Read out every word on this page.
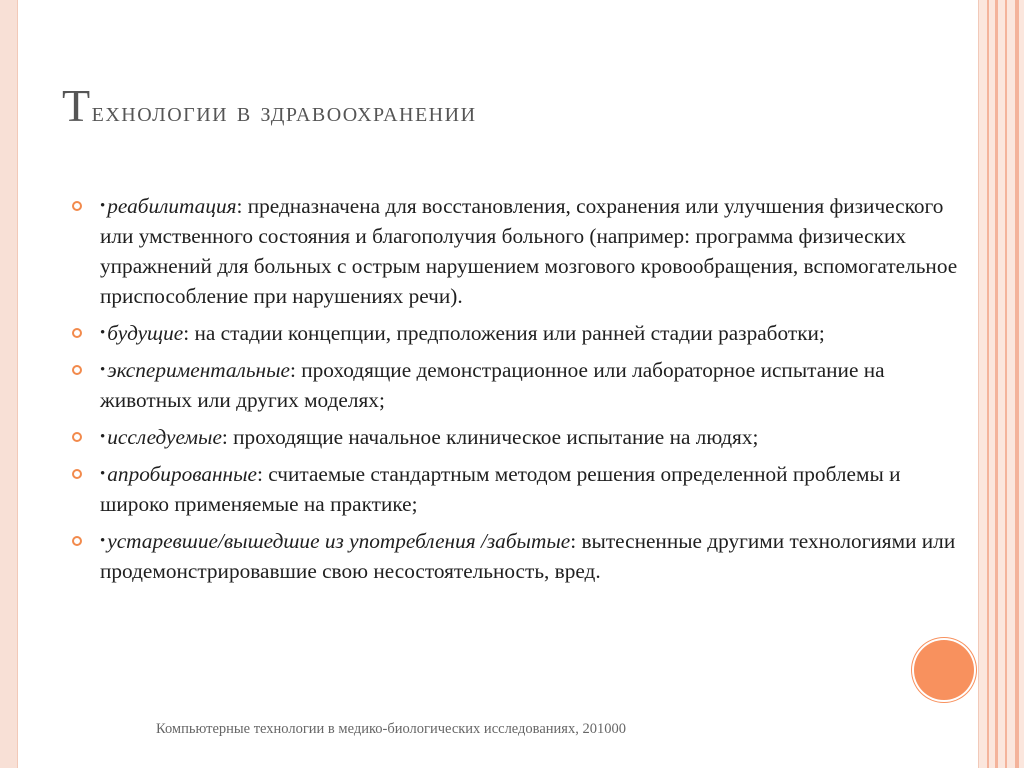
Технологии в здравоохранении
•реабилитация: предназначена для восстановления, сохранения или улучшения физического или умственного состояния и благополучия больного (например: программа физических упражнений для больных с острым нарушением мозгового кровообращения, вспомогательное приспособление при нарушениях речи).
•будущие: на стадии концепции, предположения или ранней стадии разработки;
•экспериментальные: проходящие демонстрационное или лабораторное испытание на животных или других моделях;
•исследуемые: проходящие начальное клиническое испытание на людях;
•апробированные: считаемые стандартным методом решения определенной проблемы и широко применяемые на практике;
•устаревшие/вышедшие из употребления /забытые: вытесненные другими технологиями или продемонстрировавшие свою несостоятельность, вред.
Компьютерные технологии в медико-биологических исследованиях, 201000
